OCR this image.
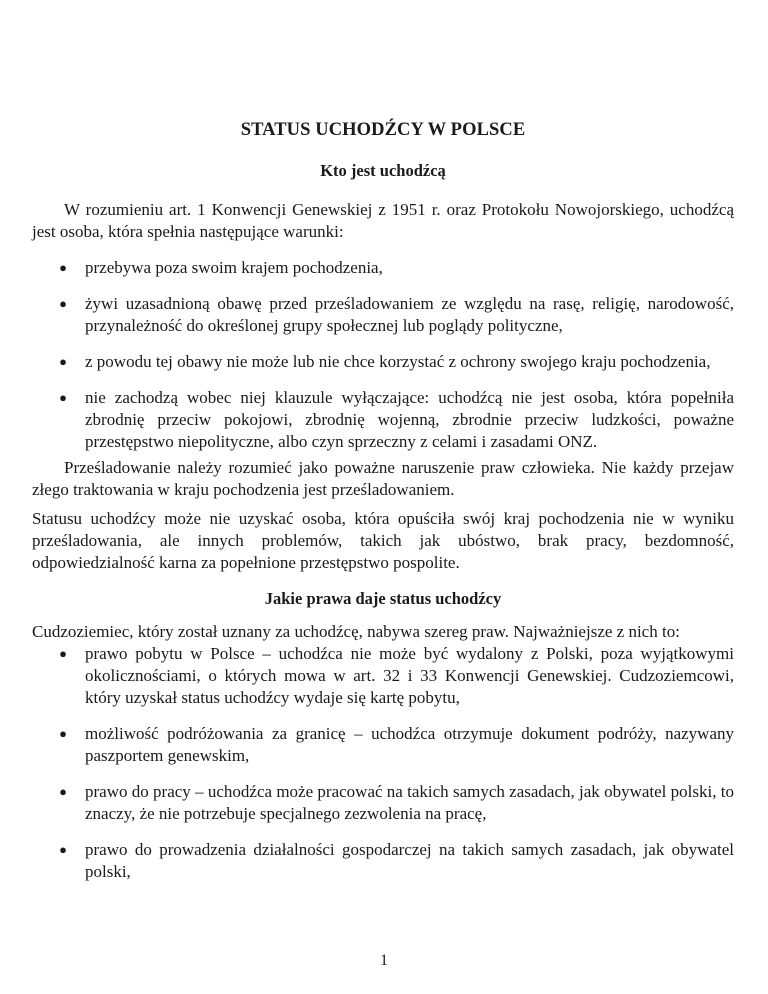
STATUS UCHODŹCY W POLSCE
Kto jest uchodźcą

W rozumieniu art. 1 Konwencji Genewskiej z 1951 r. oraz Protokołu Nowojorskiego, uchodźcą jest osoba, która spełnia następujące warunki:

● przebywa poza swoim krajem pochodzenia,
● żywi uzasadnioną obawę przed prześladowaniem ze względu na rasę, religię, narodowość, przynależność do określonej grupy społecznej lub poglądy polityczne,
● z powodu tej obawy nie może lub nie chce korzystać z ochrony swojego kraju pochodzenia,
● nie zachodzą wobec niej klauzule wyłączające: uchodźcą nie jest osoba, która popełniła zbrodnię przeciw pokojowi, zbrodnię wojenną, zbrodnie przeciw ludzkości, poważne przestępstwo niepolityczne, albo czyn sprzeczny z celami i zasadami ONZ.

Prześladowanie należy rozumieć jako poważne naruszenie praw człowieka. Nie każdy przejaw złego traktowania w kraju pochodzenia jest prześladowaniem.

Statusu uchodźcy może nie uzyskać osoba, która opuściła swój kraj pochodzenia nie w wyniku prześladowania, ale innych problemów, takich jak ubóstwo, brak pracy, bezdomność, odpowiedzialność karna za popełnione przestępstwo pospolite.

Jakie prawa daje status uchodźcy

Cudzoziemiec, który został uznany za uchodźcę, nabywa szereg praw. Najważniejsze z nich to:

● prawo pobytu w Polsce – uchodźca nie może być wydalony z Polski, poza wyjątkowymi okolicznościami, o których mowa w art. 32 i 33 Konwencji Genewskiej. Cudzoziemcowi, który uzyskał status uchodźcy wydaje się kartę pobytu,
● możliwość podróżowania za granicę – uchodźca otrzymuje dokument podróży, nazywany paszportem genewskim,
● prawo do pracy – uchodźca może pracować na takich samych zasadach, jak obywatel polski, to znaczy, że nie potrzebuje specjalnego zezwolenia na pracę,
● prawo do prowadzenia działalności gospodarczej na takich samych zasadach, jak obywatel polski,
1
